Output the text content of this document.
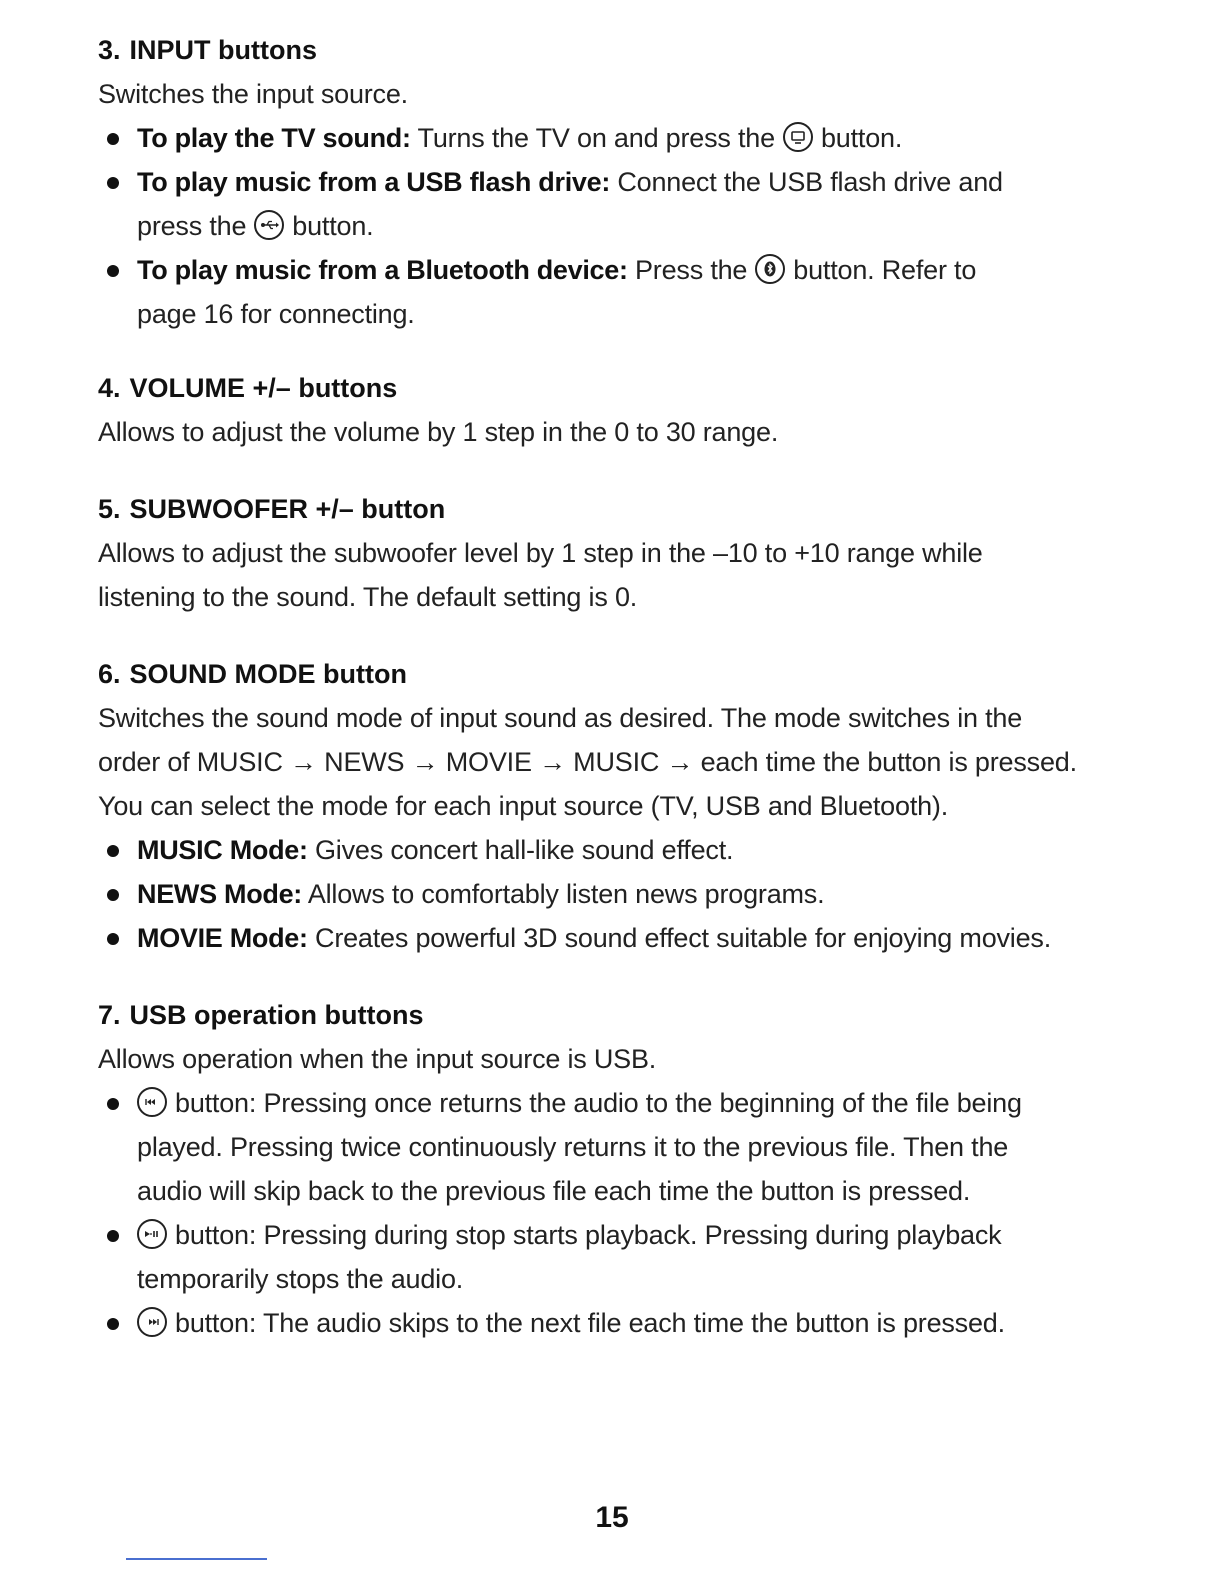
3. INPUT buttons
Switches the input source.
To play the TV sound: Turns the TV on and press the button.
To play music from a USB flash drive: Connect the USB flash drive and
press the button.
To play music from a Bluetooth device: Press the button. Refer to
page 16 for connecting.
4. VOLUME +/– buttons
Allows to adjust the volume by 1 step in the 0 to 30 range.
5. SUBWOOFER +/– button
Allows to adjust the subwoofer level by 1 step in the –10 to +10 range while
listening to the sound. The default setting is 0.
6. SOUND MODE button
Switches the sound mode of input sound as desired. The mode switches in the
order of MUSIC → NEWS → MOVIE → MUSIC → each time the button is pressed.
You can select the mode for each input source (TV, USB and Bluetooth).
MUSIC Mode: Gives concert hall-like sound effect.
NEWS Mode: Allows to comfortably listen news programs.
MOVIE Mode: Creates powerful 3D sound effect suitable for enjoying movies.
7. USB operation buttons
Allows operation when the input source is USB.
button: Pressing once returns the audio to the beginning of the file being
played. Pressing twice continuously returns it to the previous file. Then the
audio will skip back to the previous file each time the button is pressed.
button: Pressing during stop starts playback. Pressing during playback
temporarily stops the audio.
button: The audio skips to the next file each time the button is pressed.
15
